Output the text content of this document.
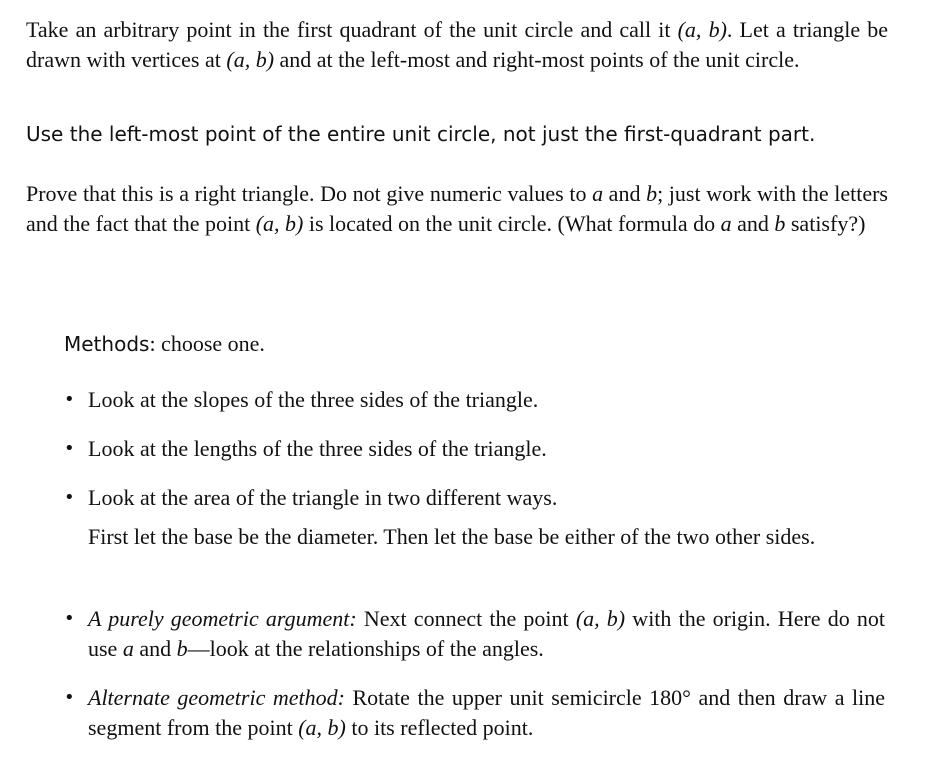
Take an arbitrary point in the first quadrant of the unit circle and call it (a, b). Let a triangle be drawn with vertices at (a, b) and at the left-most and right-most points of the unit circle.

Use the left-most point of the entire unit circle, not just the first-quadrant part.

Prove that this is a right triangle. Do not give numeric values to a and b; just work with the letters and the fact that the point (a, b) is located on the unit circle. (What formula do a and b satisfy?)

Methods: choose one.
• Look at the slopes of the three sides of the triangle.

• Look at the lengths of the three sides of the triangle.

• Look at the area of the triangle in two different ways.

First let the base be the diameter. Then let the base be either of the two other sides.

• A purely geometric argument: Next connect the point (a, b) with the origin. Here do not use a and b—look at the relationships of the angles.

• Alternate geometric method: Rotate the upper unit semicircle 180° and then draw a line segment from the point (a, b) to its reflected point.
